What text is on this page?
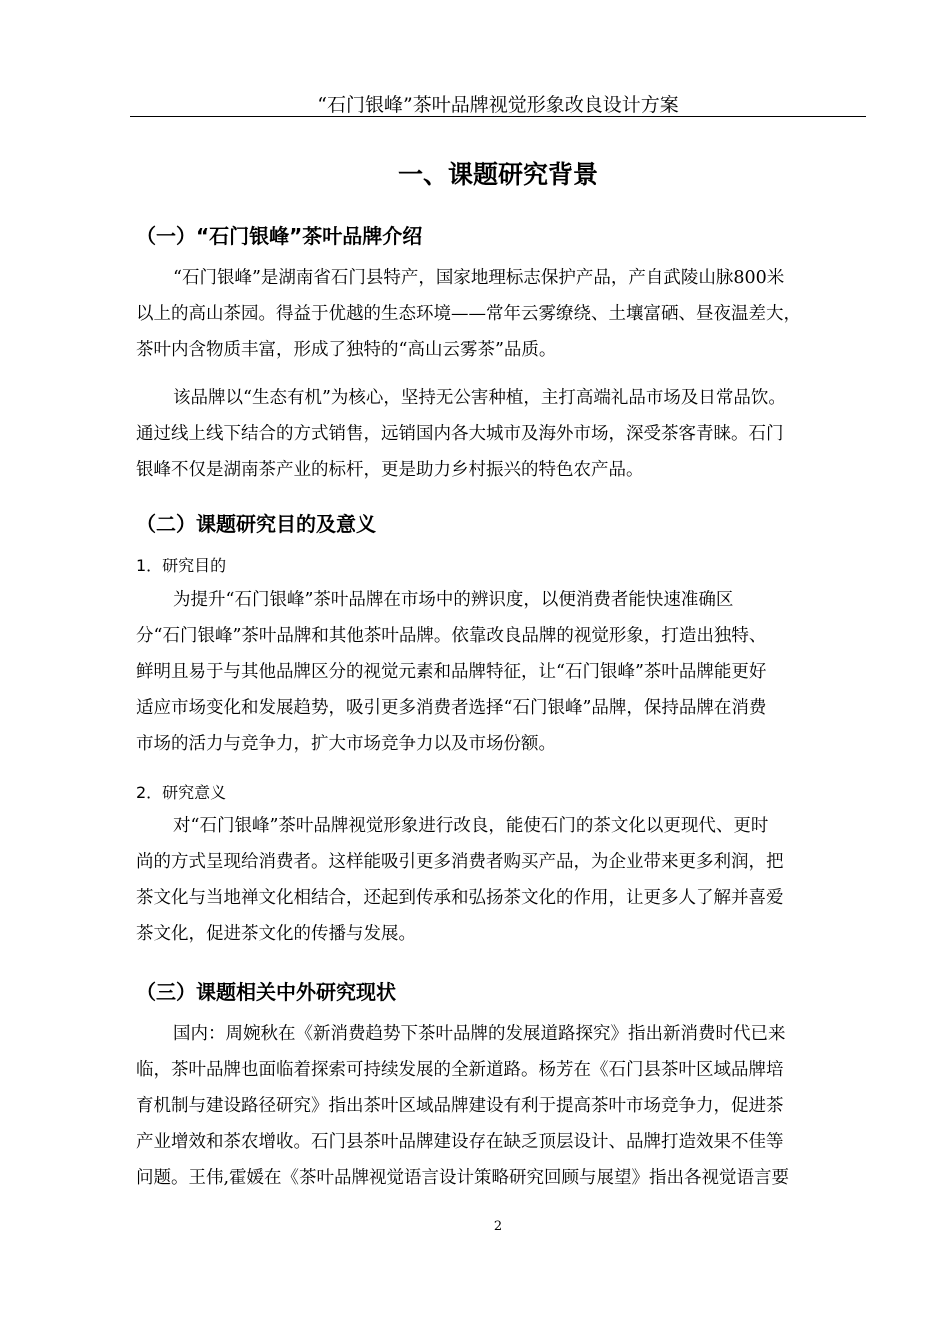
“石门银峰”茶叶品牌视觉形象改良设计方案
一、课题研究背景
（一）“石门银峰”茶叶品牌介绍
“石门银峰”是湖南省石门县特产，国家地理标志保护产品，产自武陵山脉800米
以上的高山茶园。得益于优越的生态环境——常年云雾缭绕、土壤富硒、昼夜温差大，
茶叶内含物质丰富，形成了独特的“高山云雾茶”品质。
该品牌以“生态有机”为核心，坚持无公害种植，主打高端礼品市场及日常品饮。
通过线上线下结合的方式销售，远销国内各大城市及海外市场，深受茶客青睐。石门
银峰不仅是湖南茶产业的标杆，更是助力乡村振兴的特色农产品。
（二）课题研究目的及意义
1．研究目的
为提升“石门银峰”茶叶品牌在市场中的辨识度，以便消费者能快速准确区
分“石门银峰”茶叶品牌和其他茶叶品牌。依靠改良品牌的视觉形象，打造出独特、
鲜明且易于与其他品牌区分的视觉元素和品牌特征，让“石门银峰”茶叶品牌能更好
适应市场变化和发展趋势，吸引更多消费者选择“石门银峰”品牌，保持品牌在消费
市场的活力与竞争力，扩大市场竞争力以及市场份额。
2．研究意义
对“石门银峰”茶叶品牌视觉形象进行改良，能使石门的茶文化以更现代、更时
尚的方式呈现给消费者。这样能吸引更多消费者购买产品，为企业带来更多利润，把
茶文化与当地禅文化相结合，还起到传承和弘扬茶文化的作用，让更多人了解并喜爱
茶文化，促进茶文化的传播与发展。
（三）课题相关中外研究现状
国内：周婉秋在《新消费趋势下茶叶品牌的发展道路探究》指出新消费时代已来
临，茶叶品牌也面临着探索可持续发展的全新道路。杨芳在《石门县茶叶区域品牌培
育机制与建设路径研究》指出茶叶区域品牌建设有利于提高茶叶市场竞争力，促进茶
产业增效和茶农增收。石门县茶叶品牌建设存在缺乏顶层设计、品牌打造效果不佳等
问题。王伟,霍媛在《茶叶品牌视觉语言设计策略研究回顾与展望》指出各视觉语言要
2
